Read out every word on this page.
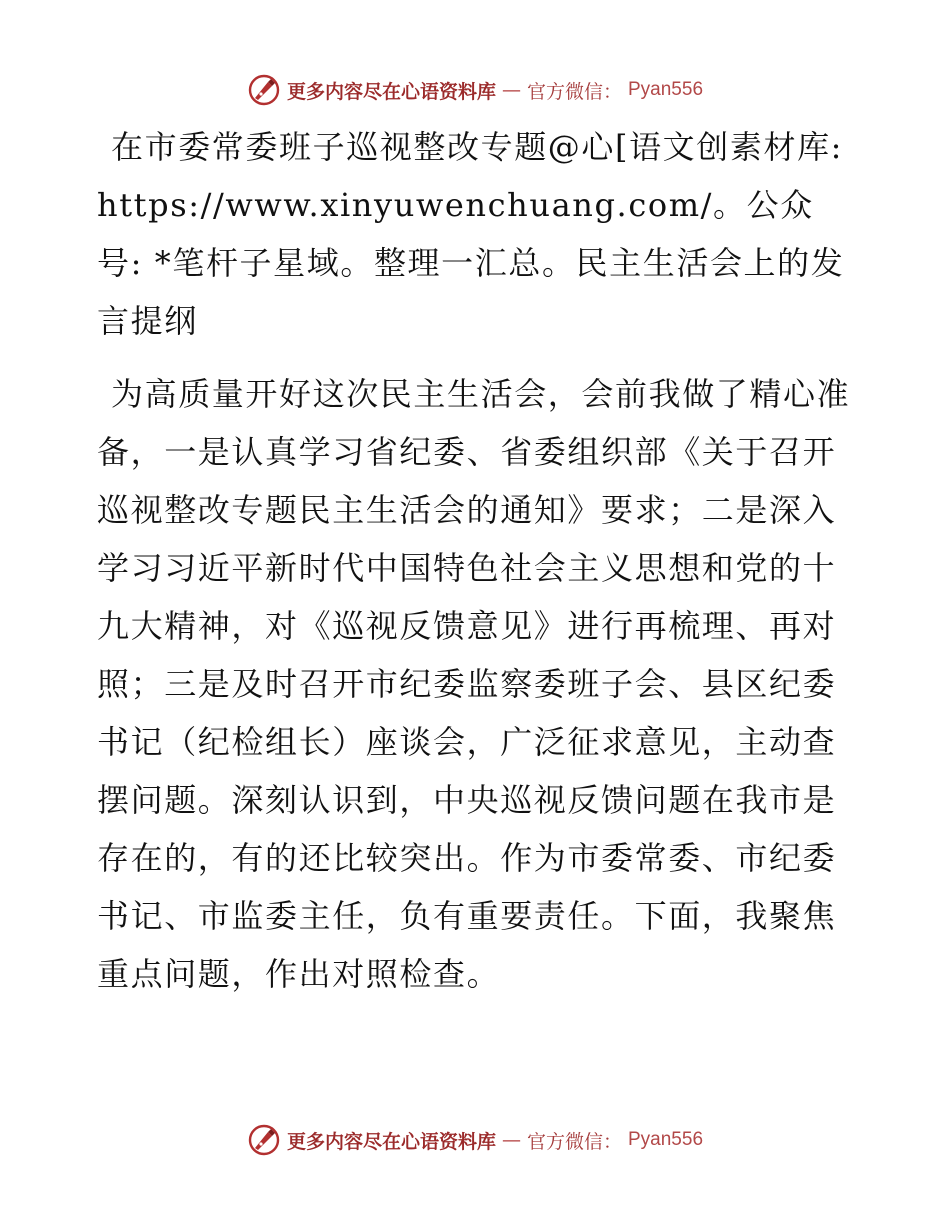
更多内容尽在心语资料库 — 官方微信： Pyan556

在市委常委班子巡视整改专题@心[语文创素材库: https://www.xinyuwenchuang.com/。公众号: *笔杆子星域。整理一汇总。民主生活会上的发言提纲

为高质量开好这次民主生活会，会前我做了精心准备，一是认真学习省纪委、省委组织部《关于召开巡视整改专题民主生活会的通知》要求；二是深入学习习近平新时代中国特色社会主义思想和党的十九大精神，对《巡视反馈意见》进行再梳理、再对照；三是及时召开市纪委监察委班子会、县区纪委书记（纪检组长）座谈会，广泛征求意见，主动查摆问题。深刻认识到，中央巡视反馈问题在我市是存在的，有的还比较突出。作为市委常委、市纪委书记、市监委主任，负有重要责任。下面，我聚焦重点问题，作出对照检查。

更多内容尽在心语资料库 — 官方微信： Pyan556
